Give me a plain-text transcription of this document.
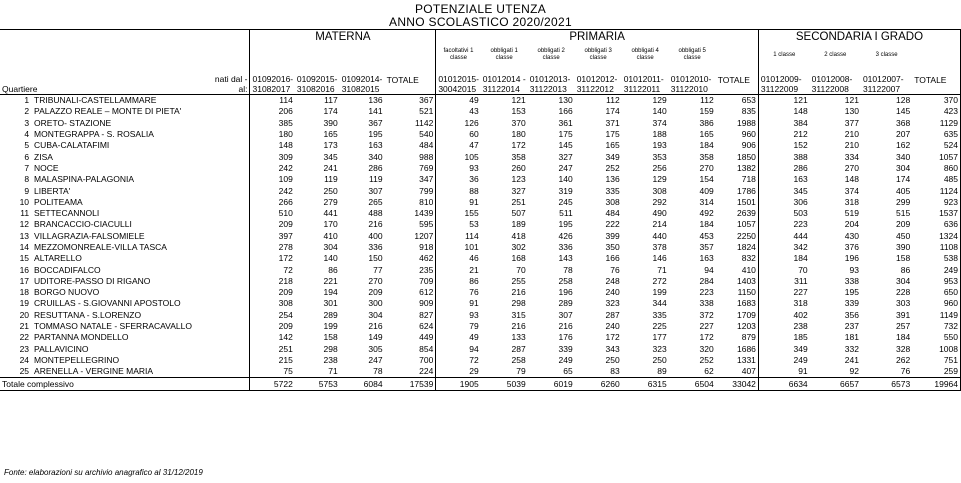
POTENZIALE UTENZA
ANNO SCOLASTICO 2020/2021
		MATERNA				PRIMARIA							SECONDARIA I GRADO			
						facoltativi 1 classe	obbligati 1 classe	obbligati 2 classe	obbligati 3 classe	obbligati 4 classe	obbligati 5 classe		1 classe	2 classe	3 classe	

Quartiere
nati dal -
al:		01092016-
31082017	01092015-
31082016	01092014-
31082015	TOTALE	01012015-
30042015	01012014 -
31122014	01012013-
31122013	01012012-
31122012	01012011-
31122011	01012010-
31122010	TOTALE	01012009-
31122009	01012008-
31122008	01012007-
31122007	TOTALE
1	TRIBUNALI-CASTELLAMMARE	114	117	136	367	49	121	130	112	129	112	653	121	121	128	370
2	PALAZZO REALE – MONTE DI PIETA'	206	174	141	521	43	153	166	174	140	159	835	148	130	145	423
3	ORETO- STAZIONE	385	390	367	1142	126	370	361	371	374	386	1988	384	377	368	1129
4	MONTEGRAPPA - S. ROSALIA	180	165	195	540	60	180	175	175	188	165	960	212	210	207	635
5	CUBA-CALATAFIMI	148	173	163	484	47	172	145	165	193	184	906	152	210	162	524
6	ZISA	309	345	340	988	105	358	327	349	353	358	1850	388	334	340	1057
7	NOCE	242	241	286	769	93	260	247	252	256	270	1382	286	270	304	860
8	MALASPINA-PALAGONIA	109	119	119	347	36	123	140	136	129	154	718	163	148	174	485
9	LIBERTA'	242	250	307	799	88	327	319	335	308	409	1786	345	374	405	1124
10	POLITEAMA	266	279	265	810	91	251	245	308	292	314	1501	306	318	299	923
11	SETTECANNOLI	510	441	488	1439	155	507	511	484	490	492	2639	503	519	515	1537
12	BRANCACCIO-CIACULLI	209	170	216	595	53	189	195	222	214	184	1057	223	204	209	636
13	VILLAGRAZIA-FALSOMIELE	397	410	400	1207	114	418	426	399	440	453	2250	444	430	450	1324
14	MEZZOMONREALE-VILLA TASCA	278	304	336	918	101	302	336	350	378	357	1824	342	376	390	1108
15	ALTARELLO	172	140	150	462	46	168	143	166	146	163	832	184	196	158	538
16	BOCCADIFALCO	72	86	77	235	21	70	78	76	71	94	410	70	93	86	249
17	UDITORE-PASSO DI RIGANO	218	221	270	709	86	255	258	248	272	284	1403	311	338	304	953
18	BORGO NUOVO	209	194	209	612	76	216	196	240	199	223	1150	227	195	228	650
19	CRUILLAS - S.GIOVANNI APOSTOLO	308	301	300	909	91	298	289	323	344	338	1683	318	339	303	960
20	RESUTTANA - S.LORENZO	254	289	304	827	93	315	307	287	335	372	1709	402	356	391	1149
21	TOMMASO NATALE - SFERRACAVALLO	209	199	216	624	79	216	216	240	225	227	1203	238	237	257	732
22	PARTANNA MONDELLO	142	158	149	449	49	133	176	172	177	172	879	185	181	184	550
23	PALLAVICINO	251	298	305	854	94	287	339	343	323	320	1686	349	332	328	1008
24	MONTEPELLEGRINO	215	238	247	700	72	258	249	250	250	252	1331	249	241	262	751
25	ARENELLA - VERGINE MARIA	75	71	78	224	29	79	65	83	89	62	407	91	92	76	259
Totale complessivo		5722	5753	6084	17539	1905	5039	6019	6260	6315	6504	33042	6634	6657	6573	19964
Fonte: elaborazioni su archivio anagrafico al 31/12/2019
